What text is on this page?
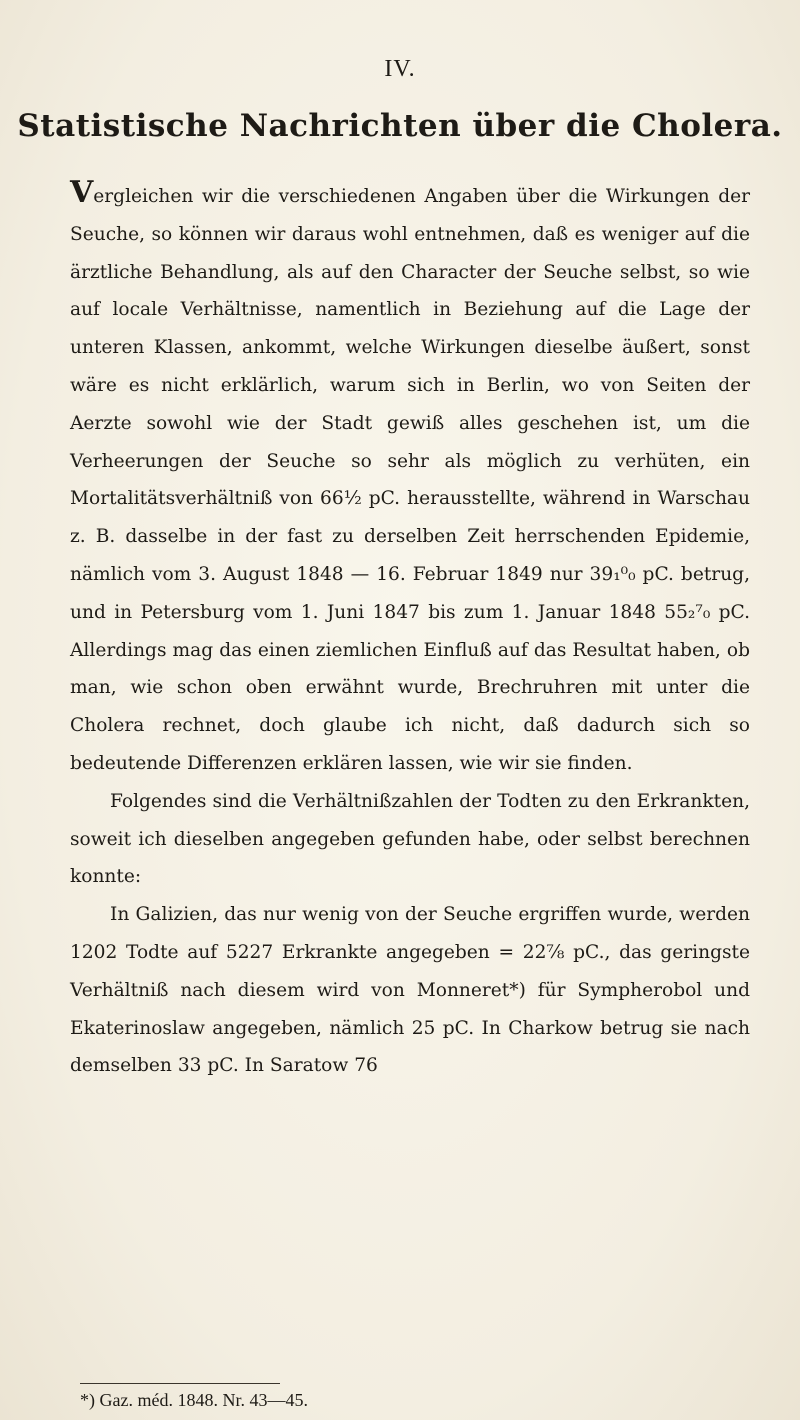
IV.
Statistische Nachrichten über die Cholera.

Vergleichen wir die verschiedenen Angaben über die Wirkungen der Seuche, so können wir daraus wohl entnehmen, daß es weniger auf die ärztliche Behandlung, als auf den Character der Seuche selbst, so wie auf locale Verhältnisse, namentlich in Beziehung auf die Lage der unteren Klassen, ankommt, welche Wirkungen dieselbe äußert, sonst wäre es nicht erklärlich, warum sich in Berlin, wo von Seiten der Aerzte sowohl wie der Stadt gewiß alles geschehen ist, um die Verheerungen der Seuche so sehr als möglich zu verhüten, ein Mortalitätsverhältniß von 66½ pC. herausstellte, während in Warschau z. B. dasselbe in der fast zu derselben Zeit herrschenden Epidemie, nämlich vom 3. August 1848 — 16. Februar 1849 nur 39₁⁰₀ pC. betrug, und in Petersburg vom 1. Juni 1847 bis zum 1. Januar 1848 55₂⁷₀ pC. Allerdings mag das einen ziemlichen Einfluß auf das Resultat haben, ob man, wie schon oben erwähnt wurde, Brechruhren mit unter die Cholera rechnet, doch glaube ich nicht, daß dadurch sich so bedeutende Differenzen erklären lassen, wie wir sie finden.

Folgendes sind die Verhältnißzahlen der Todten zu den Erkrankten, soweit ich dieselben angegeben gefunden habe, oder selbst berechnen konnte:

In Galizien, das nur wenig von der Seuche ergriffen wurde, werden 1202 Todte auf 5227 Erkrankte angegeben = 22⅞ pC., das geringste Verhältniß nach diesem wird von Monneret*) für Sympherobol und Ekaterinoslaw angegeben, nämlich 25 pC. In Charkow betrug sie nach demselben 33 pC. In Saratow 76

*) Gaz. méd. 1848. Nr. 43—45.
